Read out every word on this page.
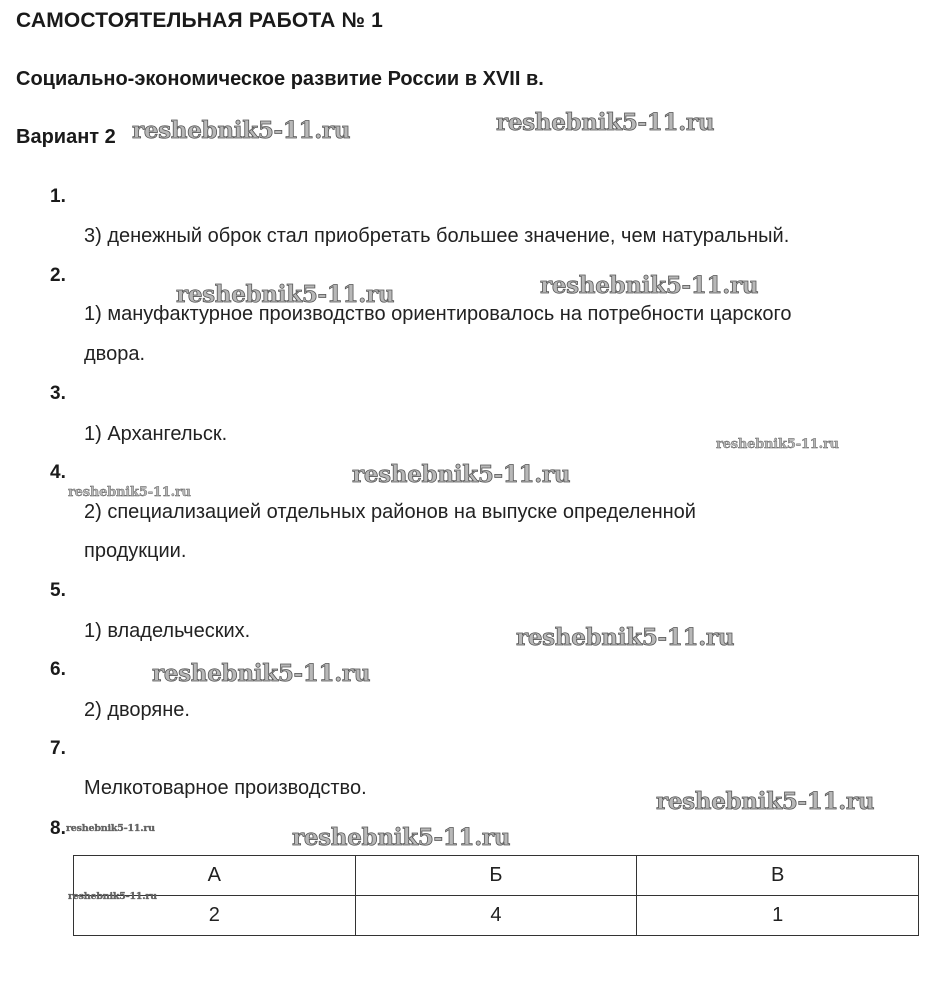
САМОСТОЯТЕЛЬНАЯ РАБОТА № 1
Социально-экономическое развитие России в XVII в.
Вариант 2
1.
3) денежный оброк стал приобретать большее значение, чем натуральный.
2.
1) мануфактурное производство ориентировалось на потребности царского
двора.
3.
1) Архангельск.
4.
2) специализацией отдельных районов на выпуске определенной
продукции.
5.
1) владельческих.
6.
2) дворяне.
7.
Мелкотоварное производство.
8.
А	Б	В
2	4	1
reshebnik5-11.ru	reshebnik5-11.ru
reshebnik5-11.ru	reshebnik5-11.ru
reshebnik5-11.ru
reshebnik5-11.ru
reshebnik5-11.ru
reshebnik5-11.ru
reshebnik5-11.ru
reshebnik5-11.ru
reshebnik5-11.ru	reshebnik5-11.ru
reshebnik5-11.ru
